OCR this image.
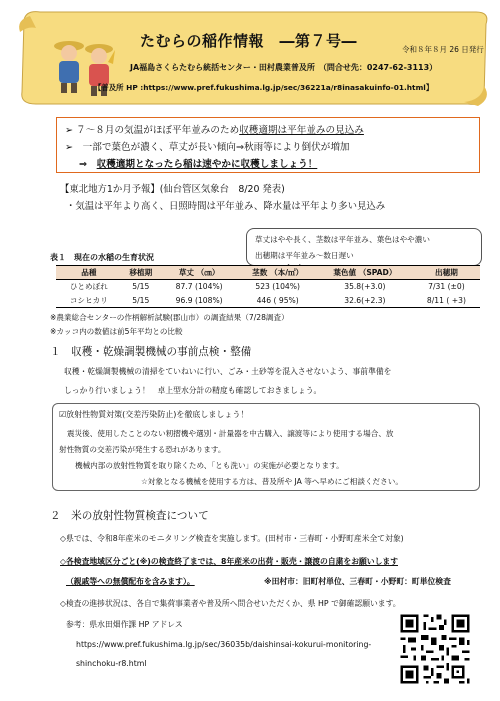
たむらの稲作情報　―第７号―	令和８年８月 26 日発行
JA福島さくらたむら統括センター・田村農業普及所　（問合せ先：0247-62-3113）
【普及所 HP :https://www.pref.fukushima.lg.jp/sec/36221a/r8inasakuinfo-01.html】
➢ ７～８月の気温がほぼ平年並みのため収穫適期は平年並みの見込み
➢　一部で葉色が濃く、草丈が長い傾向⇒秋雨等により倒伏が増加
⇒　収穫適期となったら稲は速やかに収穫しましょう！
【東北地方1か月予報】(仙台管区気象台　8/20 発表)
・気温は平年より高く、日照時間は平年並み、降水量は平年より多い見込み
草丈はやや長く、茎数は平年並み、葉色はやや濃い
出穂期は平年並み～数日遅い
表１　現在の水稲の生育状況
品種	移植期	草丈 （㎝）	茎数 （本/㎡）	葉色値 （SPAD）	出穂期
ひとめぼれ	5/15	87.7 (104%)	523 (104%)	35.8(+3.0)	7/31 (±0)
コシヒカリ	5/15	96.9 (108%)	446 ( 95%)	32.6(+2.3)	8/11 ( +3)
※農業総合センターの作柄解析試験(郡山市）の調査結果（7/28調査）
※カッコ内の数値は前5年平均との比較
１　収穫・乾燥調製機械の事前点検・整備
収穫・乾燥調製機械の清掃をていねいに行い、ごみ・土砂等を混入させないよう、事前準備を
しっかり行いましょう！　卓上型水分計の精度も確認しておきましょう。
☑放射性物質対策(交差汚染防止)を徹底しましょう！
震災後、使用したことのない籾摺機や選別・計量器を中古購入、譲渡等により使用する場合、放
射性物質の交差汚染が発生する恐れがあります。
機械内部の放射性物質を取り除くため、「とも洗い」の実施が必要となります。
☆対象となる機械を使用する方は、普及所や JA 等へ早めにご相談ください。
２　米の放射性物質検査について
◇県では、令和8年産米のモニタリング検査を実施します。(田村市・三春町・小野町産米全て対象)
◇各検査地域区分ごと(※)の検査終了までは、8年産米の出荷・販売・譲渡の自粛をお願いします
（親戚等への無償配布を含みます）。	※田村市：旧町村単位、三春町・小野町：町単位検査
◇検査の進捗状況は、各自で集荷事業者や普及所へ問合せいただくか、県 HP で御確認願います。
参考：県水田畑作課 HP アドレス
https://www.pref.fukushima.lg.jp/sec/36035b/daishinsai-kokurui-monitoring-
shinchoku-r8.html
